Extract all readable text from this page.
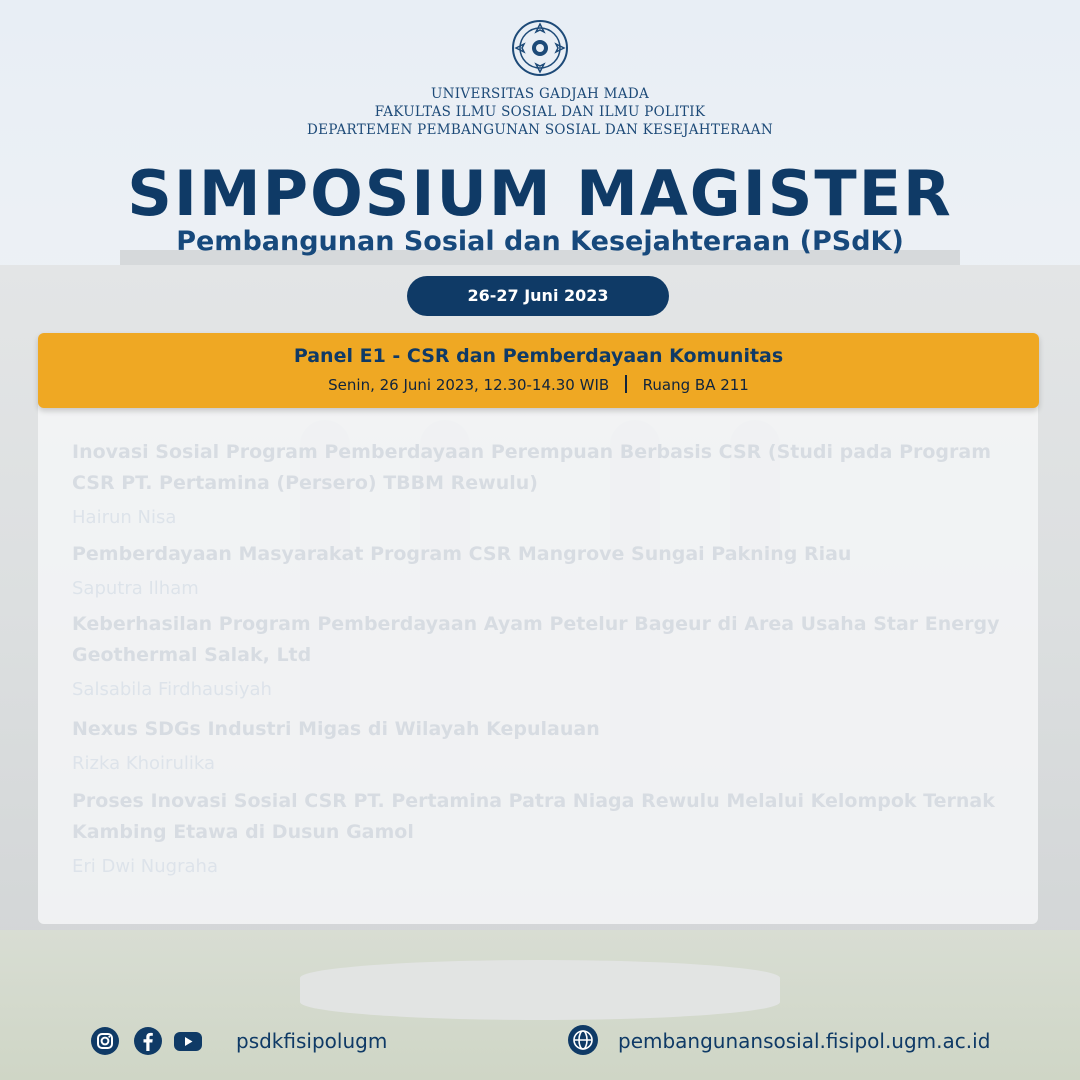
UNIVERSITAS GADJAH MADA
FAKULTAS ILMU SOSIAL DAN ILMU POLITIK
DEPARTEMEN PEMBANGUNAN SOSIAL DAN KESEJAHTERAAN
SIMPOSIUM MAGISTER
Pembangunan Sosial dan Kesejahteraan (PSdK)
26-27 Juni 2023
Panel E1 - CSR dan Pemberdayaan Komunitas
Senin, 26 Juni 2023, 12.30-14.30 WIB Ruang BA 211
psdkfisipolugm	pembangunansosial.fisipol.ugm.ac.id
